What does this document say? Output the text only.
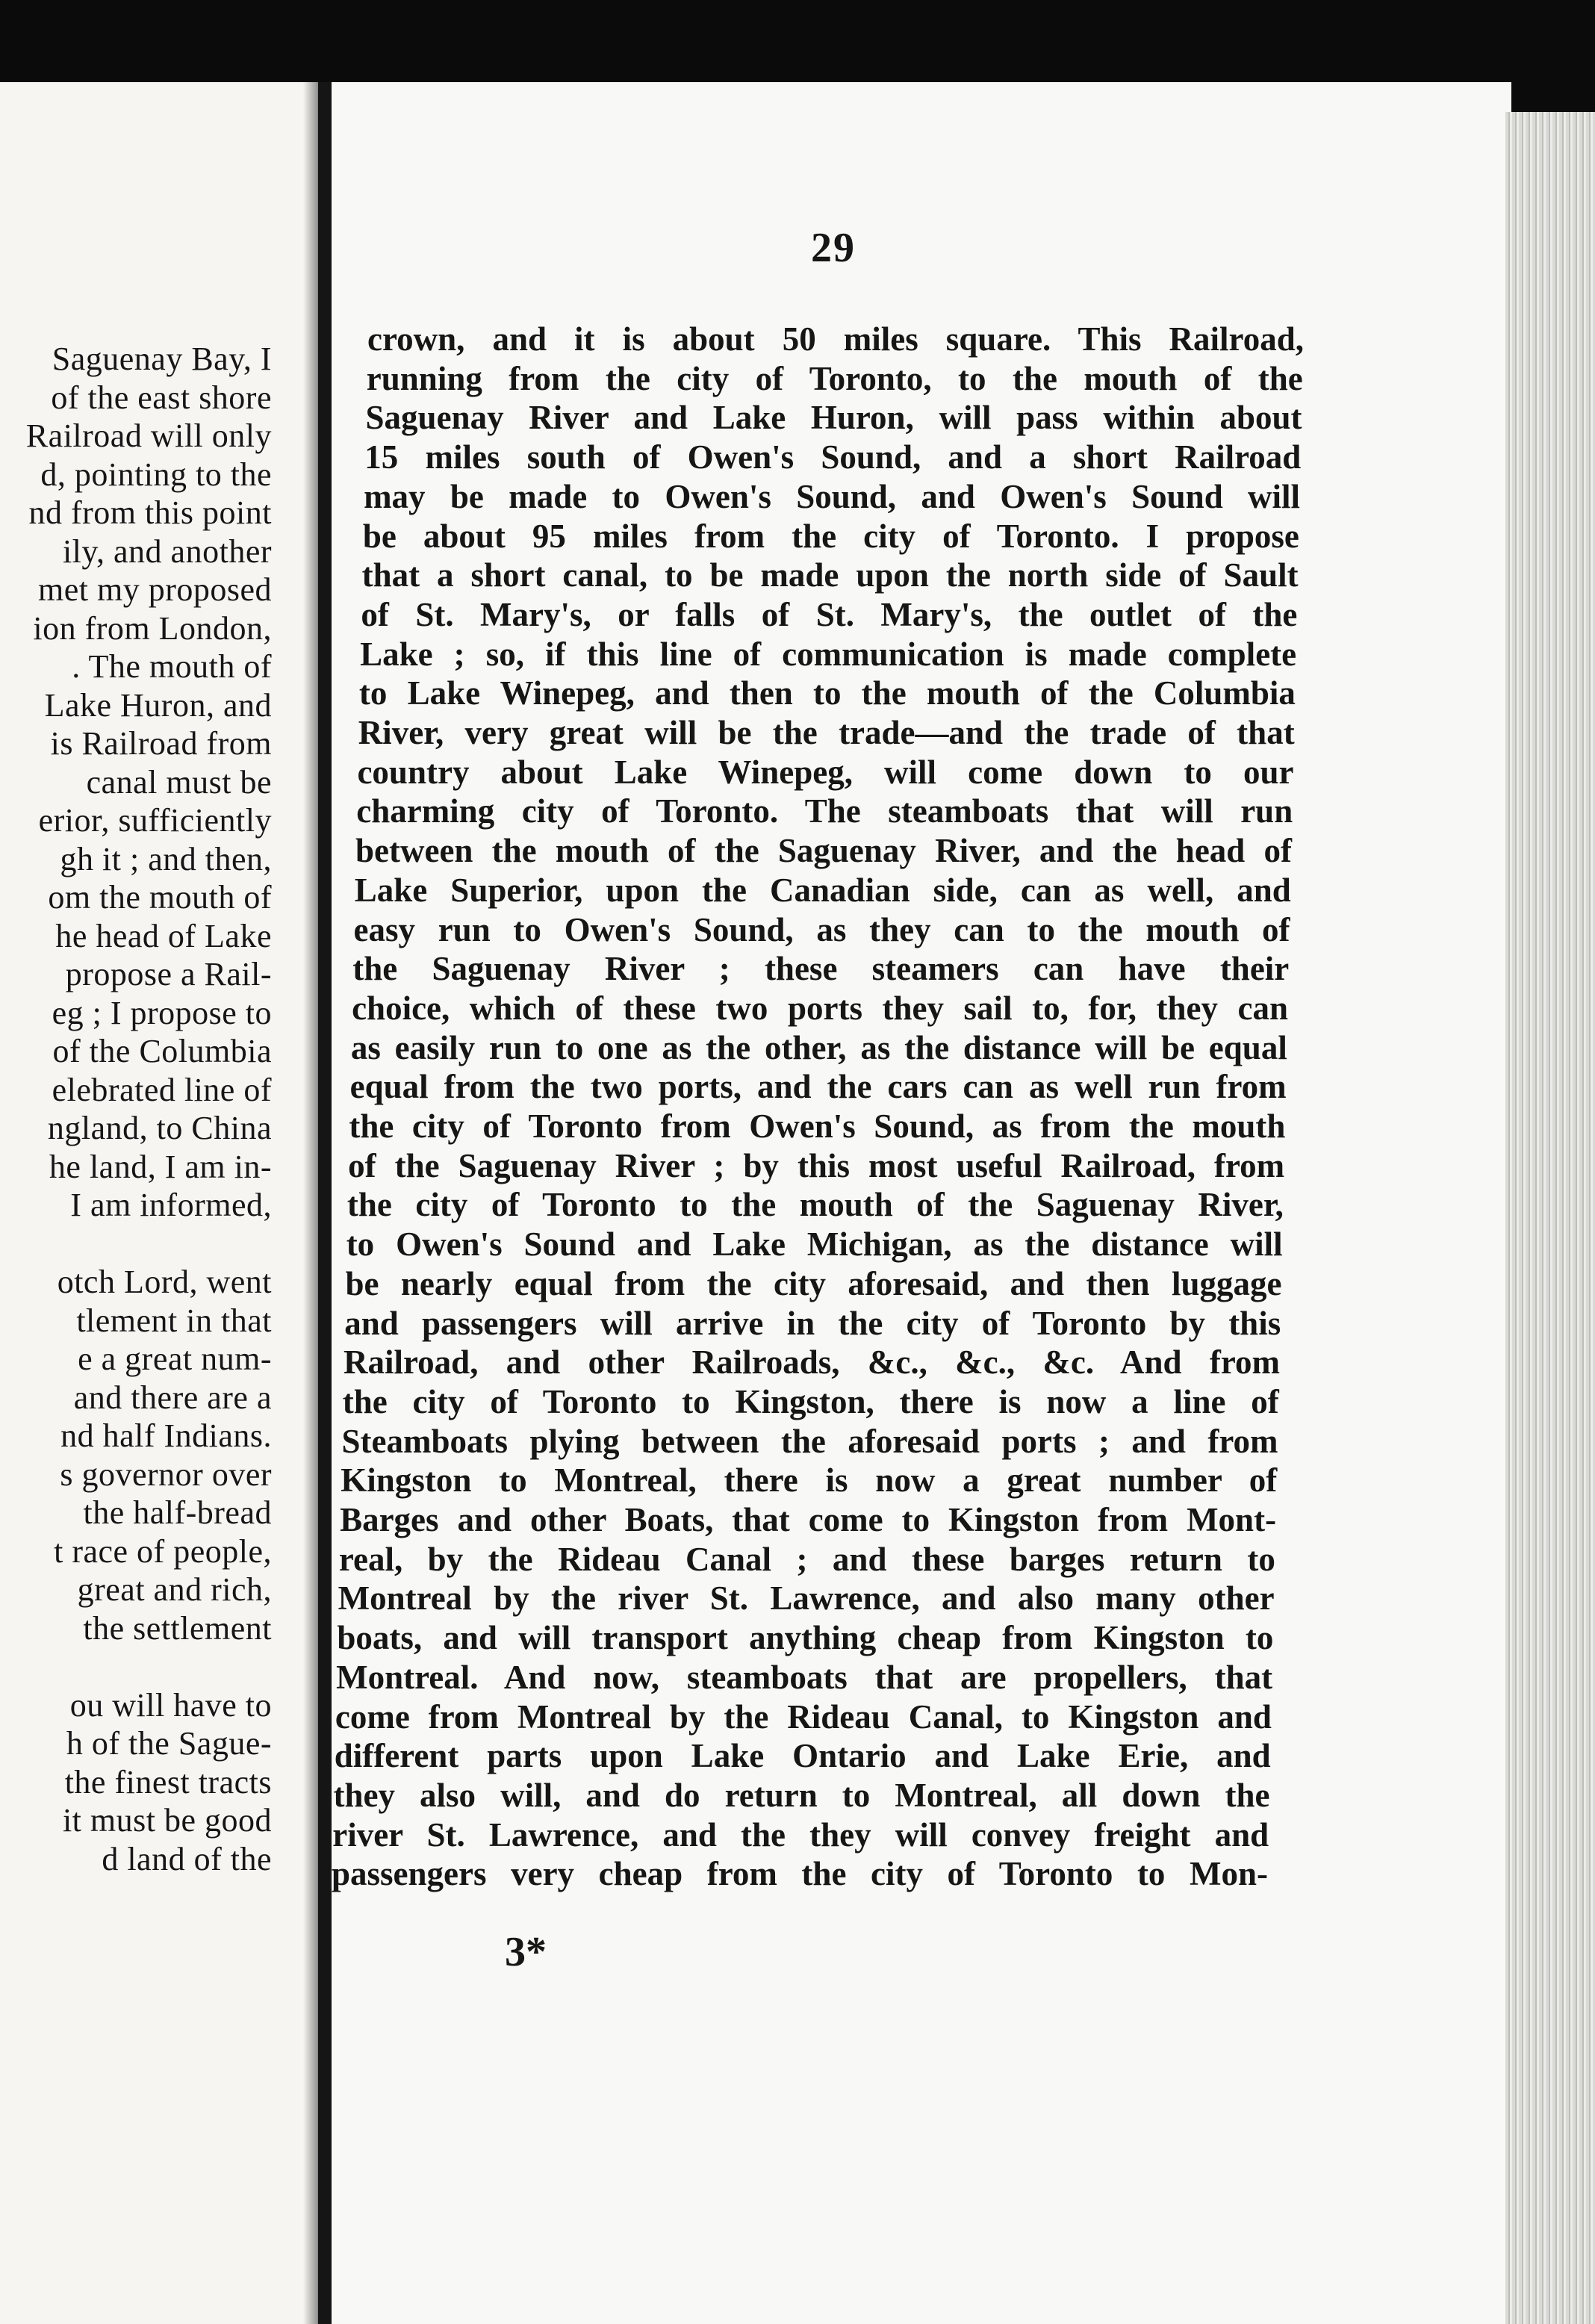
Saguenay Bay, I
of the east shore
Railroad will only
d, pointing to the
nd from this point
ily, and another
met my proposed
ion from London,
. The mouth of
Lake Huron, and
is Railroad from
canal must be
erior, sufficiently
gh it ; and then,
om the mouth of
he head of Lake
propose a Rail-
eg ; I propose to
of the Columbia
elebrated line of
ngland, to China
he land, I am in-
I am informed,
otch Lord, went
tlement in that
e a great num-
and there are a
nd half Indians.
s governor over
the half-bread
t race of people,
great and rich,
the settlement
ou will have to
h of the Sague-
the finest tracts
it must be good
d land of the
29
crown, and it is about 50 miles square. This Railroad,
running from the city of Toronto, to the mouth of the
Saguenay River and Lake Huron, will pass within about
15 miles south of Owen's Sound, and a short Railroad
may be made to Owen's Sound, and Owen's Sound will
be about 95 miles from the city of Toronto. I propose
that a short canal, to be made upon the north side of Sault
of St. Mary's, or falls of St. Mary's, the outlet of the
Lake ; so, if this line of communication is made complete
to Lake Winepeg, and then to the mouth of the Columbia
River, very great will be the trade—and the trade of that
country about Lake Winepeg, will come down to our
charming city of Toronto. The steamboats that will run
between the mouth of the Saguenay River, and the head of
Lake Superior, upon the Canadian side, can as well, and
easy run to Owen's Sound, as they can to the mouth of
the Saguenay River ; these steamers can have their
choice, which of these two ports they sail to, for, they can
as easily run to one as the other, as the distance will be equal
equal from the two ports, and the cars can as well run from
the city of Toronto from Owen's Sound, as from the mouth
of the Saguenay River ; by this most useful Railroad, from
the city of Toronto to the mouth of the Saguenay River,
to Owen's Sound and Lake Michigan, as the distance will
be nearly equal from the city aforesaid, and then luggage
and passengers will arrive in the city of Toronto by this
Railroad, and other Railroads, &c., &c., &c. And from
the city of Toronto to Kingston, there is now a line of
Steamboats plying between the aforesaid ports ; and from
Kingston to Montreal, there is now a great number of
Barges and other Boats, that come to Kingston from Mont-
real, by the Rideau Canal ; and these barges return to
Montreal by the river St. Lawrence, and also many other
boats, and will transport anything cheap from Kingston to
Montreal. And now, steamboats that are propellers, that
come from Montreal by the Rideau Canal, to Kingston and
different parts upon Lake Ontario and Lake Erie, and
they also will, and do return to Montreal, all down the
river St. Lawrence, and the they will convey freight and
passengers very cheap from the city of Toronto to Mon-
3*
